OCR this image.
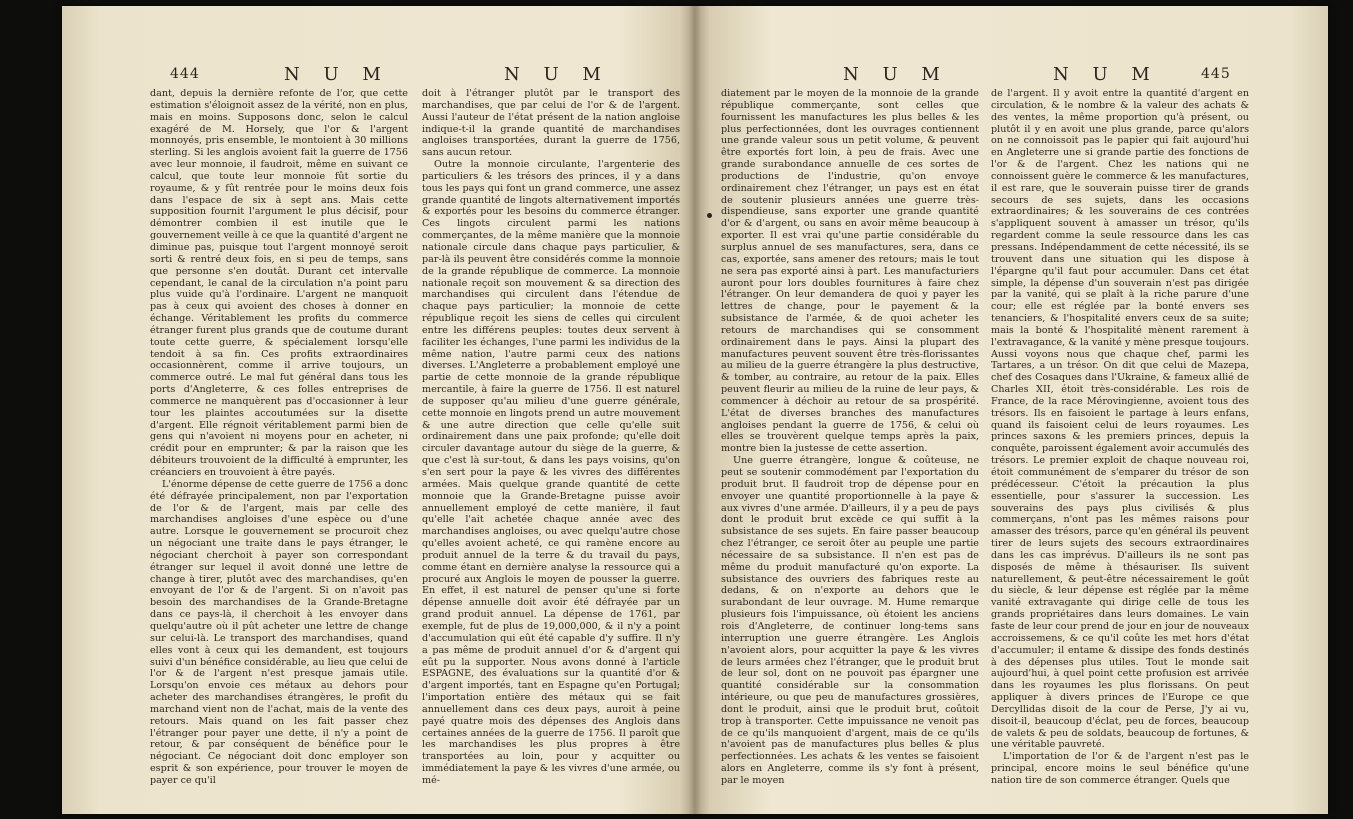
444	N U M	N U M

dant, depuis la dernière refonte de l'or, que cette estimation s'éloignoit assez de la vérité, non en plus, mais en moins. Supposons donc, selon le calcul exagéré de M. Horsely, que l'or & l'argent monnoyés, pris ensemble, le montoient à 30 millions sterling. Si les anglois avoient fait la guerre de 1756 avec leur monnoie, il faudroit, même en suivant ce calcul, que toute leur monnoie fût sortie du royaume, & y fût rentrée pour le moins deux fois dans l'espace de six à sept ans. Mais cette supposition fournit l'argument le plus décisif, pour démontrer combien il est inutile que le gouvernement veille à ce que la quantité d'argent ne diminue pas, puisque tout l'argent monnoyé seroit sorti & rentré deux fois, en si peu de temps, sans que personne s'en doutât. Durant cet intervalle cependant, le canal de la circulation n'a point paru plus vuide qu'à l'ordinaire. L'argent ne manquoit pas à ceux qui avoient des choses à donner en échange. Véritablement les profits du commerce étranger furent plus grands que de coutume durant toute cette guerre, & spécialement lorsqu'elle tendoit à sa fin. Ces profits extraordinaires occasionnèrent, comme il arrive toujours, un commerce outré. Le mal fut général dans tous les ports d'Angleterre, & ces folles entreprises de commerce ne manquèrent pas d'occasionner à leur tour les plaintes accoutumées sur la disette d'argent. Elle régnoit véritablement parmi bien de gens qui n'avoient ni moyens pour en acheter, ni crédit pour en emprunter; & par la raison que les débiteurs trouvoient de la difficulté à emprunter, les créanciers en trouvoient à être payés.

L'énorme dépense de cette guerre de 1756 a donc été défrayée principalement, non par l'exportation de l'or & de l'argent, mais par celle des marchandises angloises d'une espèce ou d'une autre. Lorsque le gouvernement se procuroit chez un négociant une traite dans le pays étranger, le négociant cherchoit à payer son correspondant étranger sur lequel il avoit donné une lettre de change à tirer, plutôt avec des marchandises, qu'en envoyant de l'or & de l'argent. Si on n'avoit pas besoin des marchandises de la Grande-Bretagne dans ce pays-là, il cherchoit à les envoyer dans quelqu'autre où il pût acheter une lettre de change sur celui-là. Le transport des marchandises, quand elles vont à ceux qui les demandent, est toujours suivi d'un bénéfice considérable, au lieu que celui de l'or & de l'argent n'est presque jamais utile. Lorsqu'on envoie ces métaux au dehors pour acheter des marchandises étrangères, le profit du marchand vient non de l'achat, mais de la vente des retours. Mais quand on les fait passer chez l'étranger pour payer une dette, il n'y a point de retour, & par conséquent de bénéfice pour le négociant. Ce négociant doit donc employer son esprit & son expérience, pour trouver le moyen de payer ce qu'il

doit à l'étranger plutôt par le transport des marchandises, que par celui de l'or & de l'argent. Aussi l'auteur de l'état présent de la nation angloise indique-t-il la grande quantité de marchandises angloises transportées, durant la guerre de 1756, sans aucun retour.

Outre la monnoie circulante, l'argenterie des particuliers & les trésors des princes, il y a dans tous les pays qui font un grand commerce, une assez grande quantité de lingots alternativement importés & exportés pour les besoins du commerce étranger. Ces lingots circulent parmi les nations commerçantes, de la même manière que la monnoie nationale circule dans chaque pays particulier, & par-là ils peuvent être considérés comme la monnoie de la grande république de commerce. La monnoie nationale reçoit son mouvement & sa direction des marchandises qui circulent dans l'étendue de chaque pays particulier; la monnoie de cette république reçoit les siens de celles qui circulent entre les différens peuples: toutes deux servent à faciliter les échanges, l'une parmi les individus de la même nation, l'autre parmi ceux des nations diverses. L'Angleterre a probablement employé une partie de cette monnoie de la grande république mercantile, à faire la guerre de 1756. Il est naturel de supposer qu'au milieu d'une guerre générale, cette monnoie en lingots prend un autre mouvement & une autre direction que celle qu'elle suit ordinairement dans une paix profonde; qu'elle doit circuler davantage autour du siège de la guerre, & que c'est là sur-tout, & dans les pays voisins, qu'on s'en sert pour la paye & les vivres des différentes armées. Mais quelque grande quantité de cette monnoie que la Grande-Bretagne puisse avoir annuellement employé de cette manière, il faut qu'elle l'ait achetée chaque année avec des marchandises angloises, ou avec quelqu'autre chose qu'elles avoient acheté, ce qui ramène encore au produit annuel de la terre & du travail du pays, comme étant en dernière analyse la ressource qui a procuré aux Anglois le moyen de pousser la guerre. En effet, il est naturel de penser qu'une si forte dépense annuelle doit avoir été défrayée par un grand produit annuel. La dépense de 1761, par exemple, fut de plus de 19,000,000, & il n'y a point d'accumulation qui eût été capable d'y suffire. Il n'y a pas même de produit annuel d'or & d'argent qui eût pu la supporter. Nous avons donné à l'article ESPAGNE, des évaluations sur la quantité d'or & d'argent importés, tant en Espagne qu'en Portugal; l'importation entière des métaux qui se fait annuellement dans ces deux pays, auroit à peine payé quatre mois des dépenses des Anglois dans certaines années de la guerre de 1756. Il paroît que les marchandises les plus propres à être transportées au loin, pour y acquitter ou immédiatement la paye & les vivres d'une armée, ou mé-

N U M	N U M	445

diatement par le moyen de la monnoie de la grande république commerçante, sont celles que fournissent les manufactures les plus belles & les plus perfectionnées, dont les ouvrages contiennent une grande valeur sous un petit volume, & peuvent être exportés fort loin, à peu de frais. Avec une grande surabondance annuelle de ces sortes de productions de l'industrie, qu'on envoye ordinairement chez l'étranger, un pays est en état de soutenir plusieurs années une guerre très-dispendieuse, sans exporter une grande quantité d'or & d'argent, ou sans en avoir même beaucoup à exporter. Il est vrai qu'une partie considérable du surplus annuel de ses manufactures, sera, dans ce cas, exportée, sans amener des retours; mais le tout ne sera pas exporté ainsi à part. Les manufacturiers auront pour lors doubles fournitures à faire chez l'étranger. On leur demandera de quoi y payer les lettres de change, pour le payement & la subsistance de l'armée, & de quoi acheter les retours de marchandises qui se consomment ordinairement dans le pays. Ainsi la plupart des manufactures peuvent souvent être très-florissantes au milieu de la guerre étrangère la plus destructive, & tomber, au contraire, au retour de la paix. Elles peuvent fleurir au milieu de la ruine de leur pays, & commencer à déchoir au retour de sa prospérité. L'état de diverses branches des manufactures angloises pendant la guerre de 1756, & celui où elles se trouvèrent quelque temps après la paix, montre bien la justesse de cette assertion.

Une guerre étrangère, longue & coûteuse, ne peut se soutenir commodément par l'exportation du produit brut. Il faudroit trop de dépense pour en envoyer une quantité proportionnelle à la paye & aux vivres d'une armée. D'ailleurs, il y a peu de pays dont le produit brut excède ce qui suffit à la subsistance de ses sujets. En faire passer beaucoup chez l'étranger, ce seroit ôter au peuple une partie nécessaire de sa subsistance. Il n'en est pas de même du produit manufacturé qu'on exporte. La subsistance des ouvriers des fabriques reste au dedans, & on n'exporte au dehors que le surabondant de leur ouvrage. M. Hume remarque plusieurs fois l'impuissance, où étoient les anciens rois d'Angleterre, de continuer long-tems sans interruption une guerre étrangère. Les Anglois n'avoient alors, pour acquitter la paye & les vivres de leurs armées chez l'étranger, que le produit brut de leur sol, dont on ne pouvoit pas épargner une quantité considérable sur la consommation intérieure, ou que peu de manufactures grossières, dont le produit, ainsi que le produit brut, coûtoit trop à transporter. Cette impuissance ne venoit pas de ce qu'ils manquoient d'argent, mais de ce qu'ils n'avoient pas de manufactures plus belles & plus perfectionnées. Les achats & les ventes se faisoient alors en Angleterre, comme ils s'y font à présent, par le moyen

de l'argent. Il y avoit entre la quantité d'argent en circulation, & le nombre & la valeur des achats & des ventes, la même proportion qu'à présent, ou plutôt il y en avoit une plus grande, parce qu'alors on ne connoissoit pas le papier qui fait aujourd'hui en Angleterre une si grande partie des fonctions de l'or & de l'argent. Chez les nations qui ne connoissent guère le commerce & les manufactures, il est rare, que le souverain puisse tirer de grands secours de ses sujets, dans les occasions extraordinaires; & les souverains de ces contrées s'appliquent souvent à amasser un trésor, qu'ils regardent comme la seule ressource dans les cas pressans. Indépendamment de cette nécessité, ils se trouvent dans une situation qui les dispose à l'épargne qu'il faut pour accumuler. Dans cet état simple, la dépense d'un souverain n'est pas dirigée par la vanité, qui se plaît à la riche parure d'une cour; elle est réglée par la bonté envers ses tenanciers, & l'hospitalité envers ceux de sa suite; mais la bonté & l'hospitalité mènent rarement à l'extravagance, & la vanité y mène presque toujours. Aussi voyons nous que chaque chef, parmi les Tartares, a un trésor. On dit que celui de Mazepa, chef des Cosaques dans l'Ukraine, & fameux allié de Charles XII, étoit très-considérable. Les rois de France, de la race Mérovingienne, avoient tous des trésors. Ils en faisoient le partage à leurs enfans, quand ils faisoient celui de leurs royaumes. Les princes saxons & les premiers princes, depuis la conquête, paroissent également avoir accumulés des trésors. Le premier exploit de chaque nouveau roi, étoit communément de s'emparer du trésor de son prédécesseur. C'étoit la précaution la plus essentielle, pour s'assurer la succession. Les souverains des pays plus civilisés & plus commerçans, n'ont pas les mêmes raisons pour amasser des trésors, parce qu'en général ils peuvent tirer de leurs sujets des secours extraordinaires dans les cas imprévus. D'ailleurs ils ne sont pas disposés de même à thésauriser. Ils suivent naturellement, & peut-être nécessairement le goût du siècle, & leur dépense est réglée par la même vanité extravagante qui dirige celle de tous les grands propriétaires dans leurs domaines. Le vain faste de leur cour prend de jour en jour de nouveaux accroissemens, & ce qu'il coûte les met hors d'état d'accumuler; il entame & dissipe des fonds destinés à des dépenses plus utiles. Tout le monde sait aujourd'hui, à quel point cette profusion est arrivée dans les royaumes les plus florissans. On peut appliquer à divers princes de l'Europe ce que Dercyllidas disoit de la cour de Perse, J'y ai vu, disoit-il, beaucoup d'éclat, peu de forces, beaucoup de valets & peu de soldats, beaucoup de fortunes, & une véritable pauvreté.

L'importation de l'or & de l'argent n'est pas le principal, encore moins le seul bénéfice qu'une nation tire de son commerce étranger. Quels que
